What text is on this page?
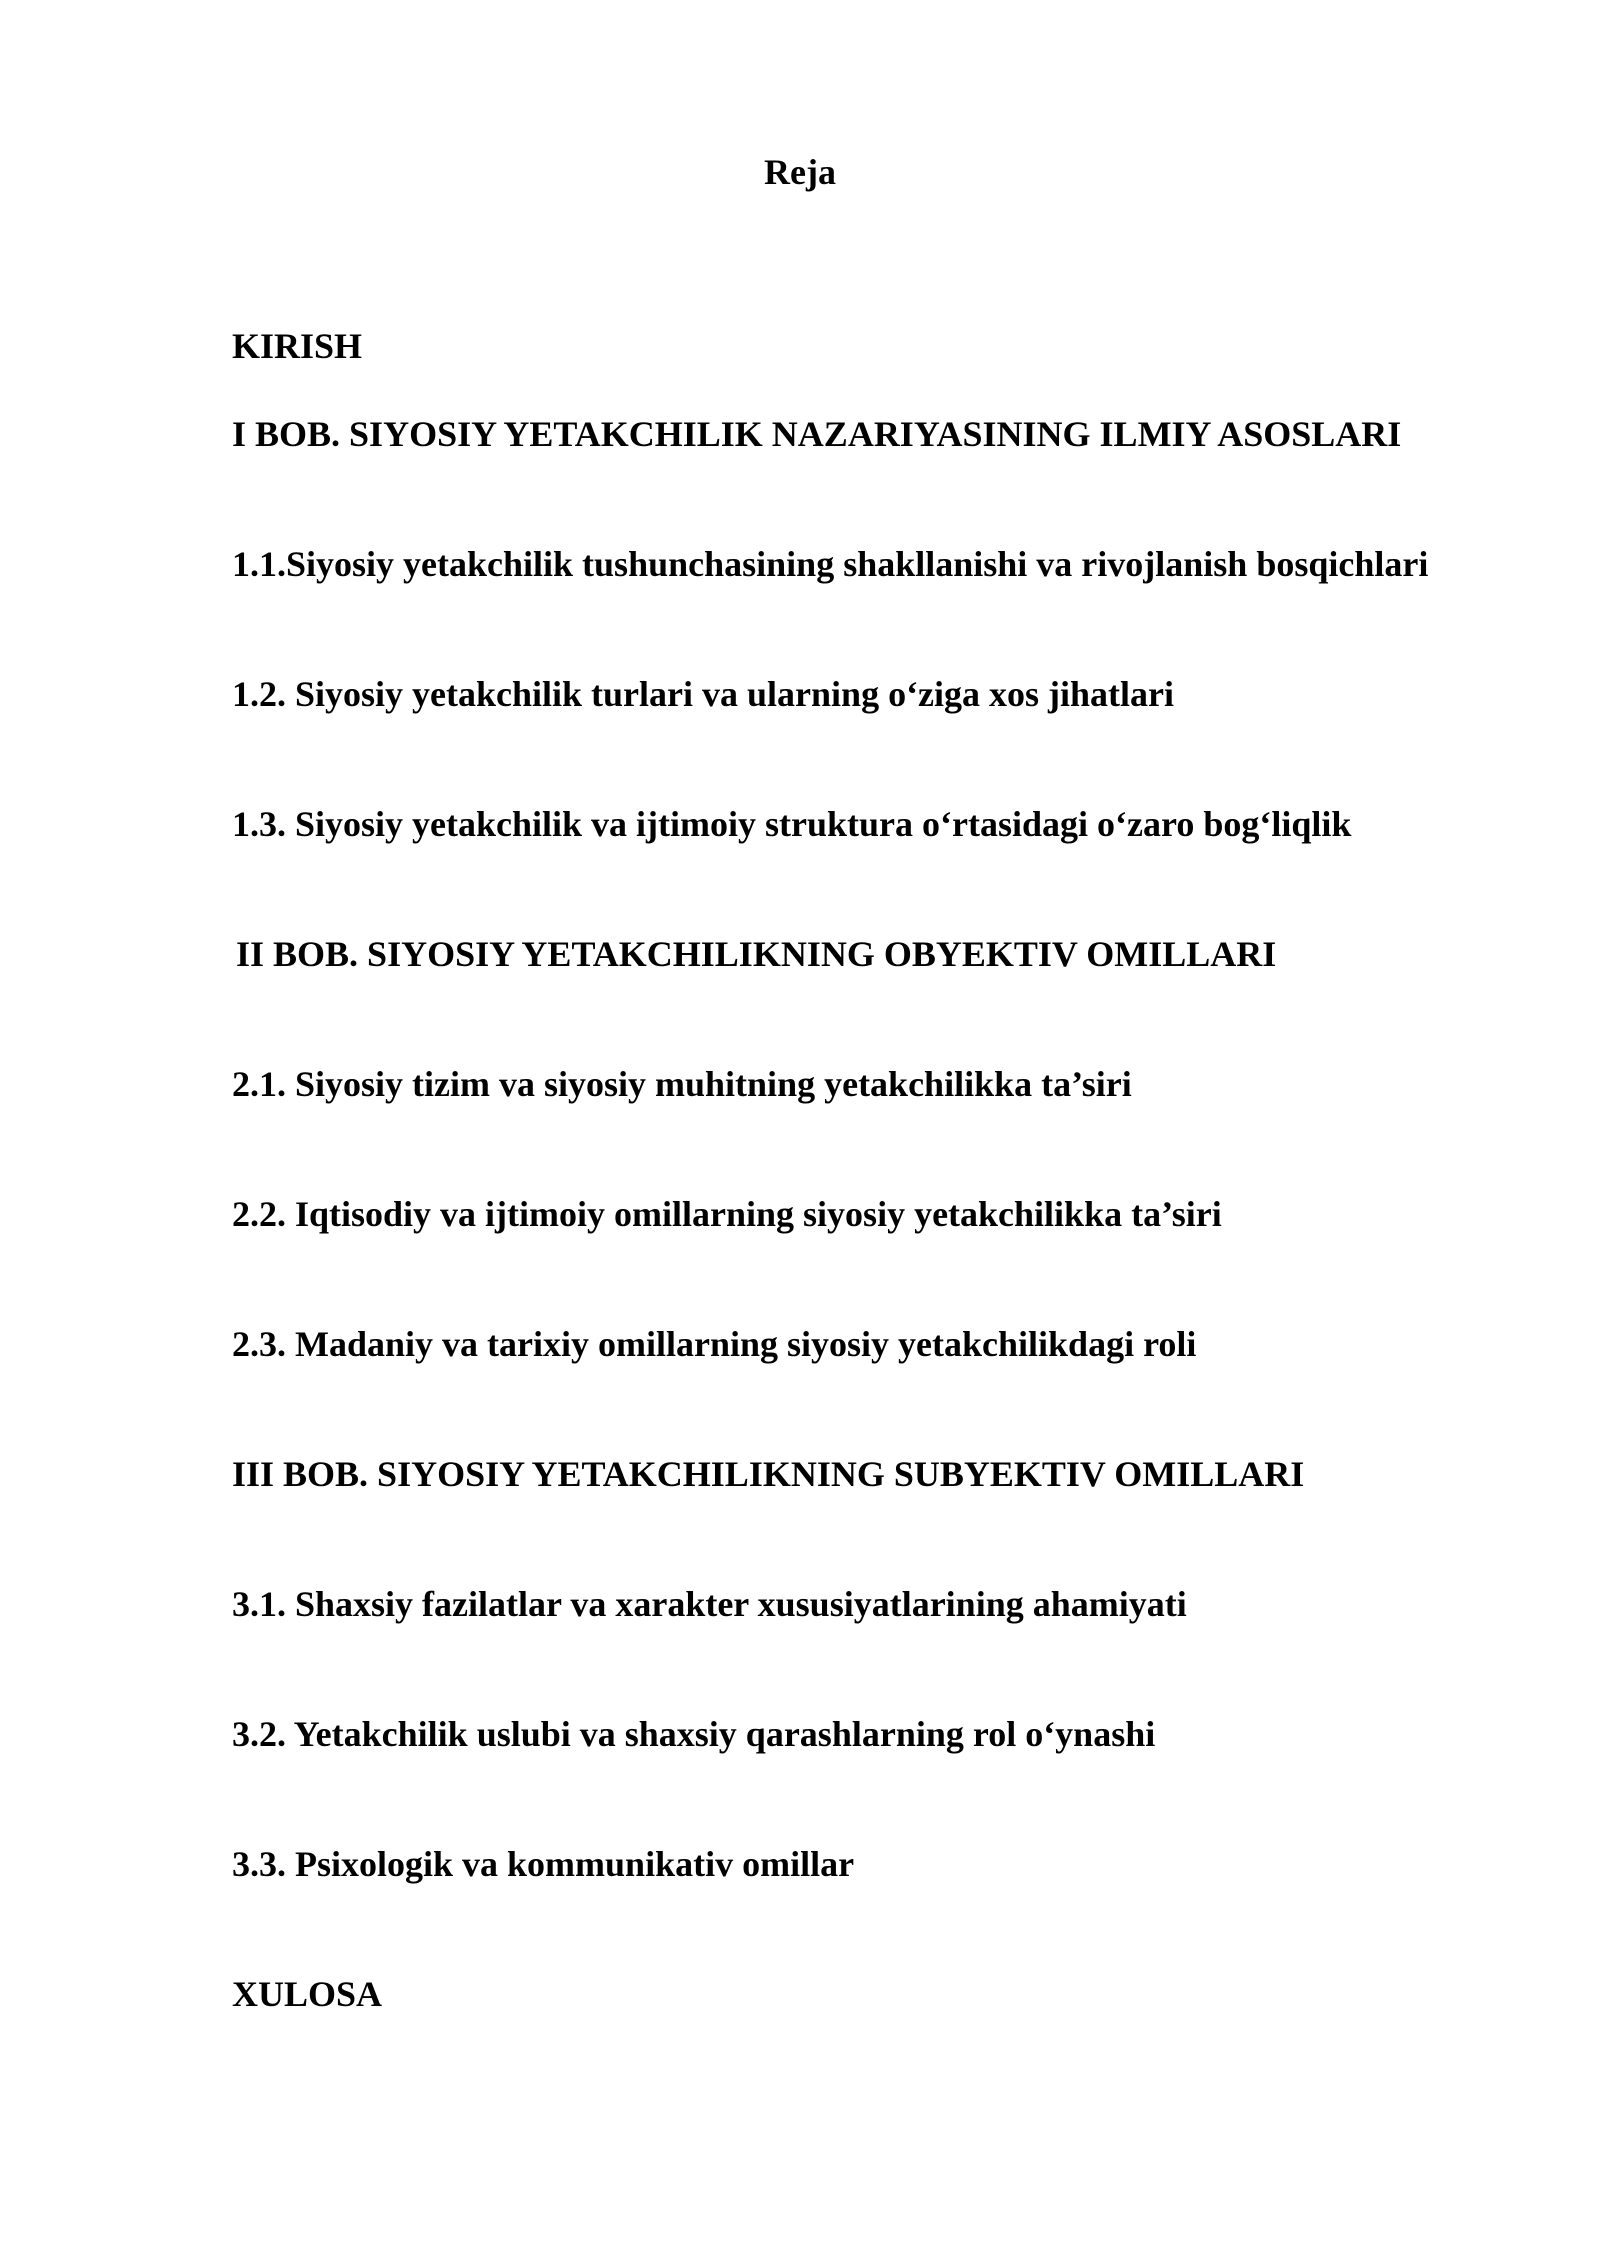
Reja

KIRISH

I BOB. SIYOSIY YETAKCHILIK NAZARIYASINING ILMIY ASOSLARI

1.1.Siyosiy yetakchilik tushunchasining shakllanishi va rivojlanish bosqichlari

1.2. Siyosiy yetakchilik turlari va ularning o‘ziga xos jihatlari

1.3. Siyosiy yetakchilik va ijtimoiy struktura o‘rtasidagi o‘zaro bog‘liqlik

II BOB. SIYOSIY YETAKCHILIKNING OBYEKTIV OMILLARI

2.1. Siyosiy tizim va siyosiy muhitning yetakchilikka ta’siri

2.2. Iqtisodiy va ijtimoiy omillarning siyosiy yetakchilikka ta’siri

2.3. Madaniy va tarixiy omillarning siyosiy yetakchilikdagi roli

III BOB. SIYOSIY YETAKCHILIKNING SUBYEKTIV OMILLARI

3.1. Shaxsiy fazilatlar va xarakter xususiyatlarining ahamiyati

3.2. Yetakchilik uslubi va shaxsiy qarashlarning rol o‘ynashi

3.3. Psixologik va kommunikativ omillar

XULOSA
